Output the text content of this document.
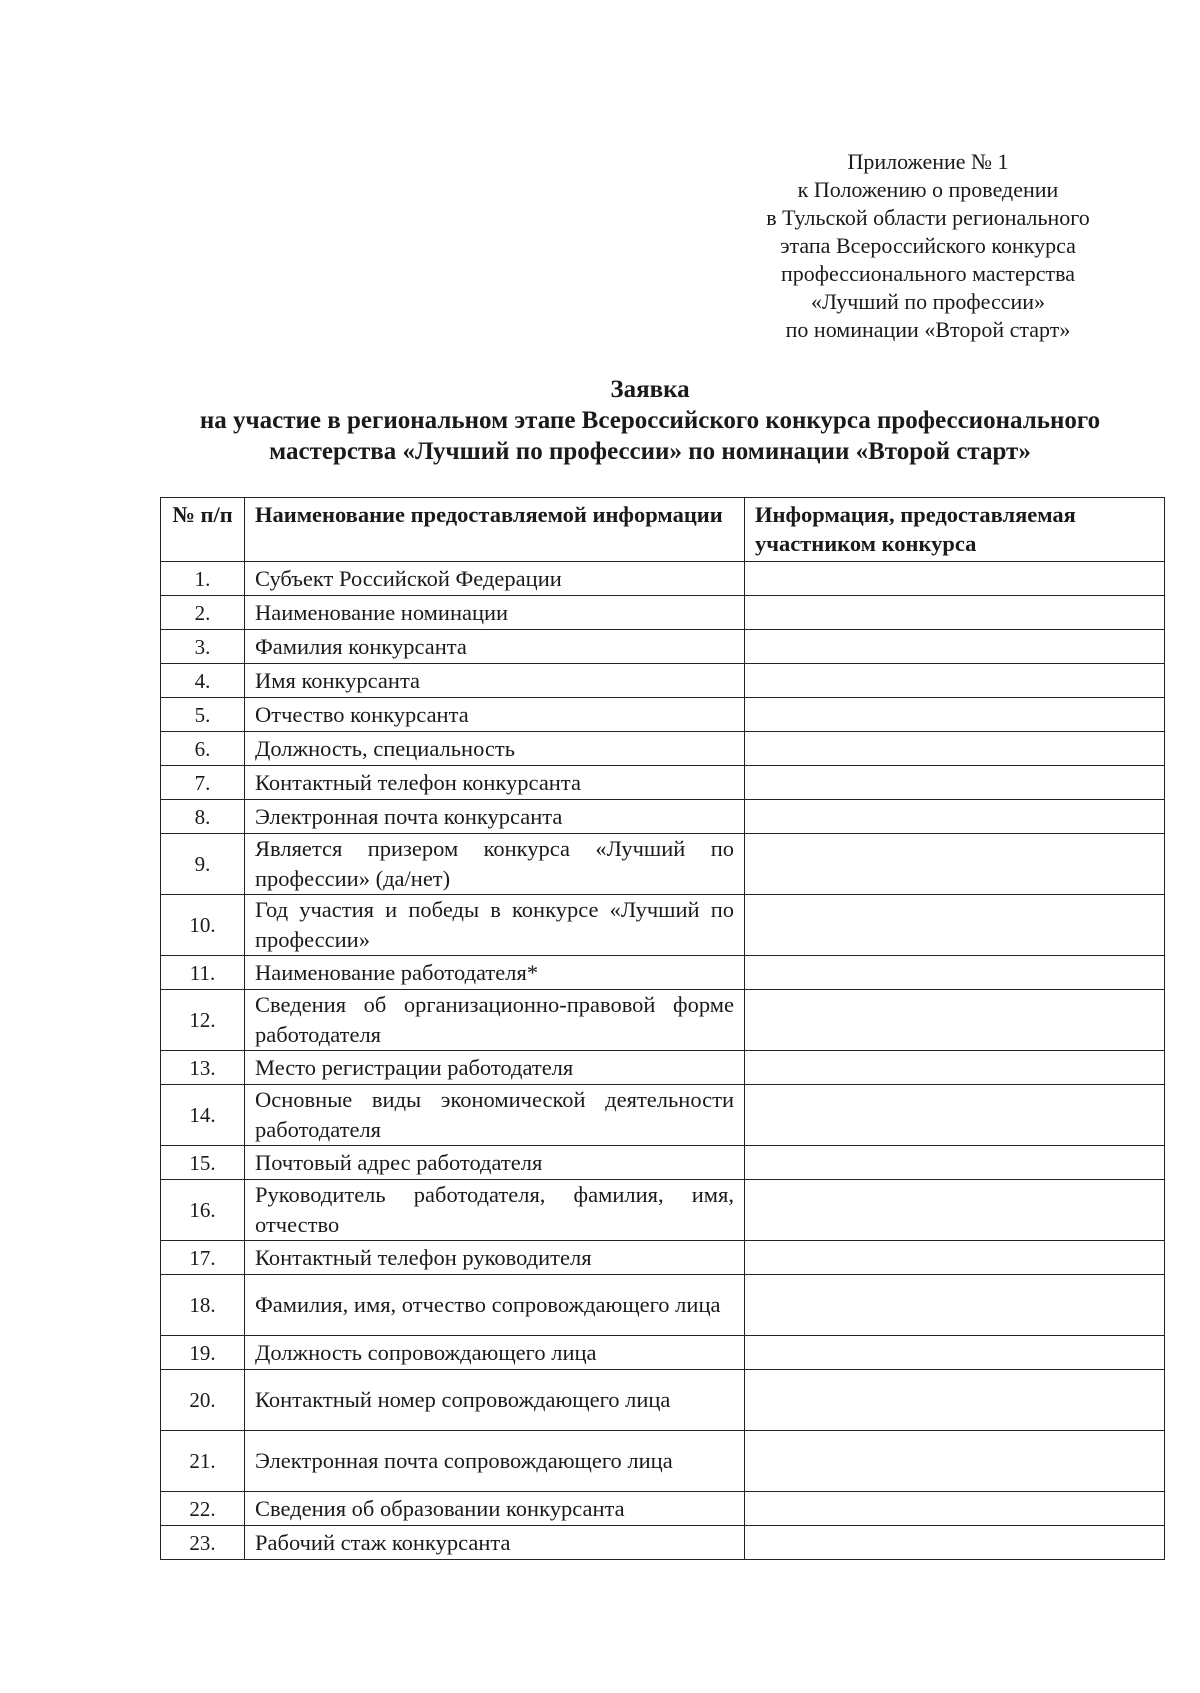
Приложение № 1
к Положению о проведении
в Тульской области регионального
этапа Всероссийского конкурса
профессионального мастерства
«Лучший по профессии»
по номинации «Второй старт»
Заявка
на участие в региональном этапе Всероссийского конкурса профессионального
мастерства «Лучший по профессии» по номинации «Второй старт»
№ п/п	Наименование предоставляемой информации	Информация, предоставляемая участником конкурса
1.	Субъект Российской Федерации	
2.	Наименование номинации	
3.	Фамилия конкурсанта	
4.	Имя конкурсанта	
5.	Отчество конкурсанта	
6.	Должность, специальность	
7.	Контактный телефон конкурсанта	
8.	Электронная почта конкурсанта	
9.	Является призером конкурса «Лучший по профессии» (да/нет)	
10.	Год участия и победы в конкурсе «Лучший по профессии»	
11.	Наименование работодателя*	
12.	Сведения об организационно-правовой форме работодателя	
13.	Место регистрации работодателя	
14.	Основные виды экономической деятельности работодателя	
15.	Почтовый адрес работодателя	
16.	Руководитель работодателя, фамилия, имя, отчество	
17.	Контактный телефон руководителя	
18.	Фамилия, имя, отчество сопровождающего лица	
19.	Должность сопровождающего лица	
20.	Контактный номер сопровождающего лица	
21.	Электронная почта сопровождающего лица	
22.	Сведения об образовании конкурсанта	
23.	Рабочий стаж конкурсанта	
